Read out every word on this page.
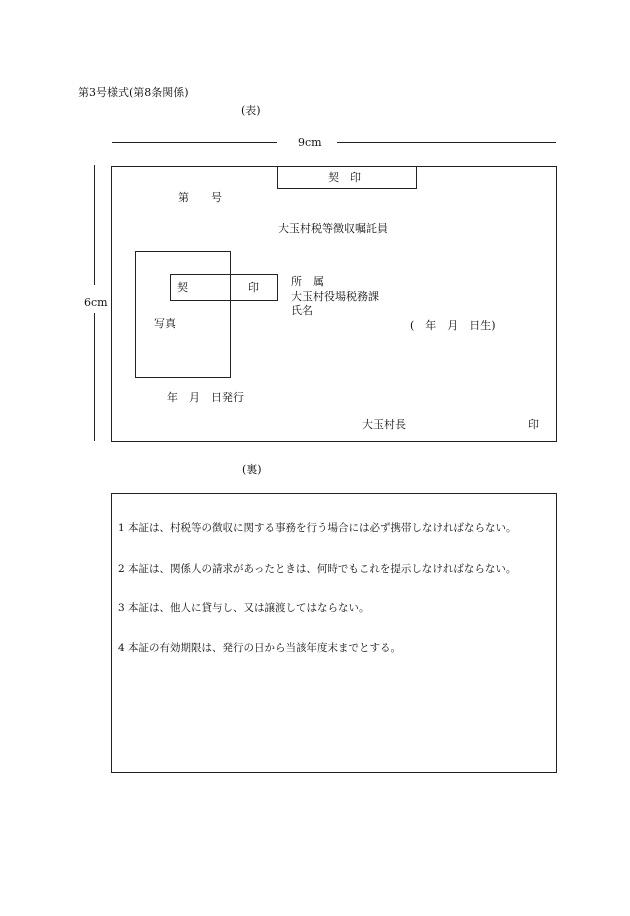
第3号様式(第8条関係)
(表)
9cm
6cm
契　印
第　　号
大玉村税等徴収嘱託員
契	印
写真
所　属
大玉村役場税務課
氏名
(　年　月　日生)
年　月　日発行
大玉村長	印
(裏)
1 本証は、村税等の徴収に関する事務を行う場合には必ず携帯しなければならない。
2 本証は、関係人の請求があったときは、何時でもこれを提示しなければならない。
3 本証は、他人に貸与し、又は譲渡してはならない。
4 本証の有効期限は、発行の日から当該年度末までとする。
